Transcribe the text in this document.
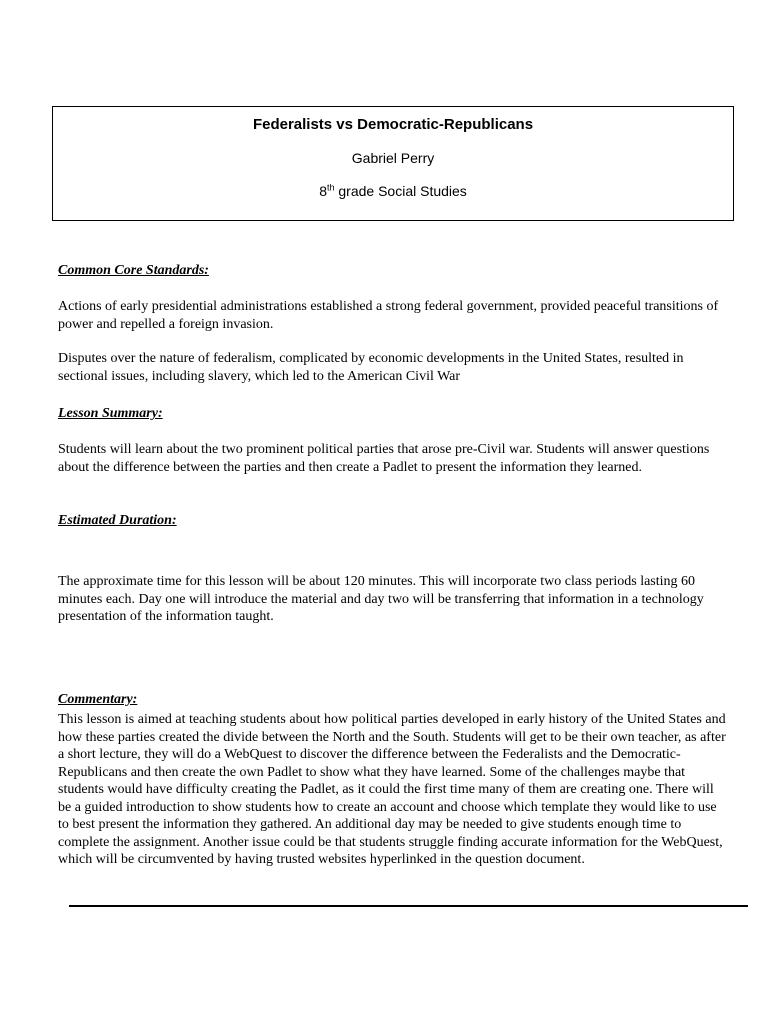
Federalists vs Democratic-Republicans
Gabriel Perry
8th grade Social Studies
Common Core Standards:
Actions of early presidential administrations established a strong federal government, provided peaceful transitions of power and repelled a foreign invasion.
Disputes over the nature of federalism, complicated by economic developments in the United States, resulted in sectional issues, including slavery, which led to the American Civil War
Lesson Summary:
Students will learn about the two prominent political parties that arose pre-Civil war. Students will answer questions about the difference between the parties and then create a Padlet to present the information they learned.
Estimated Duration:
The approximate time for this lesson will be about 120 minutes. This will incorporate two class periods lasting 60 minutes each. Day one will introduce the material and day two will be transferring that information in a technology presentation of the information taught.
Commentary:
This lesson is aimed at teaching students about how political parties developed in early history of the United States and how these parties created the divide between the North and the South. Students will get to be their own teacher, as after a short lecture, they will do a WebQuest to discover the difference between the Federalists and the Democratic-Republicans and then create the own Padlet to show what they have learned. Some of the challenges maybe that students would have difficulty creating the Padlet, as it could the first time many of them are creating one. There will be a guided introduction to show students how to create an account and choose which template they would like to use to best present the information they gathered. An additional day may be needed to give students enough time to complete the assignment. Another issue could be that students struggle finding accurate information for the WebQuest, which will be circumvented by having trusted websites hyperlinked in the question document.
